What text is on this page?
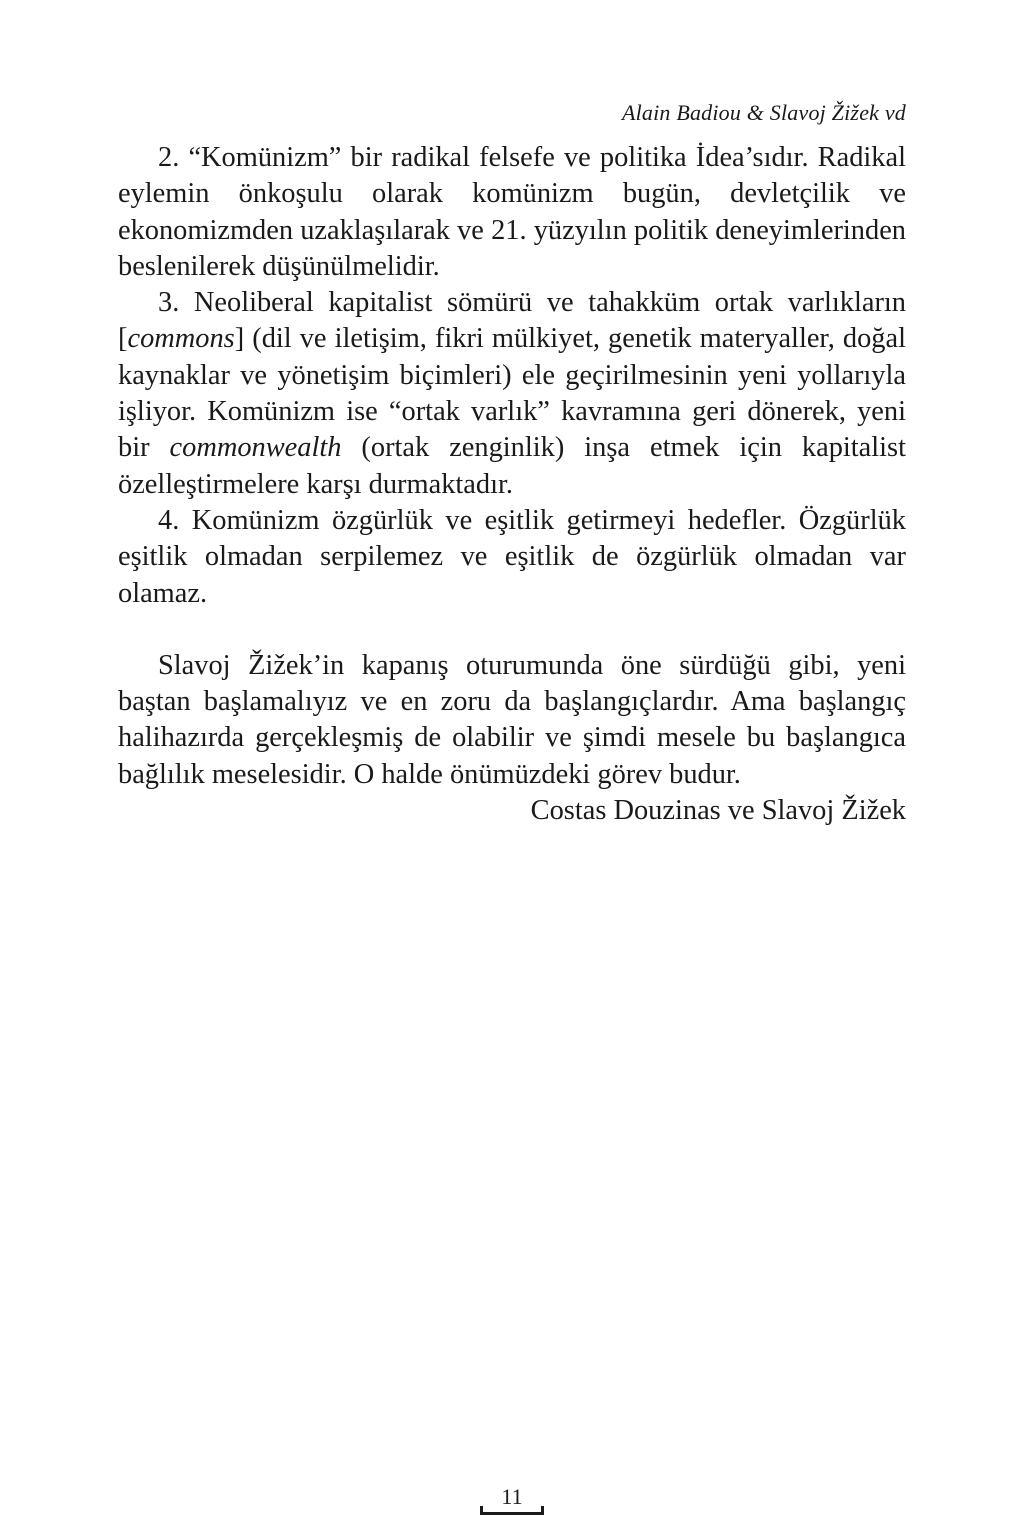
Alain Badiou & Slavoj Žižek vd

2. “Komünizm” bir radikal felsefe ve politika İdea’sıdır. Radikal eylemin önkoşulu olarak komünizm bugün, devletçilik ve ekonomizmden uzaklaşılarak ve 21. yüzyılın politik deneyimlerinden beslenilerek düşünülmelidir.

3. Neoliberal kapitalist sömürü ve tahakküm ortak varlıkların [commons] (dil ve iletişim, fikri mülkiyet, genetik materyaller, doğal kaynaklar ve yönetişim biçimleri) ele geçirilmesinin yeni yollarıyla işliyor. Komünizm ise “ortak varlık” kavramına geri dönerek, yeni bir commonwealth (ortak zenginlik) inşa etmek için kapitalist özelleştirmelere karşı durmaktadır.

4. Komünizm özgürlük ve eşitlik getirmeyi hedefler. Özgürlük eşitlik olmadan serpilemez ve eşitlik de özgürlük olmadan var olamaz.

Slavoj Žižek’in kapanış oturumunda öne sürdüğü gibi, yeni baştan başlamalıyız ve en zoru da başlangıçlardır. Ama başlangıç halihazırda gerçekleşmiş de olabilir ve şimdi mesele bu başlangıca bağlılık meselesidir. O halde önümüzdeki görev budur.

Costas Douzinas ve Slavoj Žižek

11
